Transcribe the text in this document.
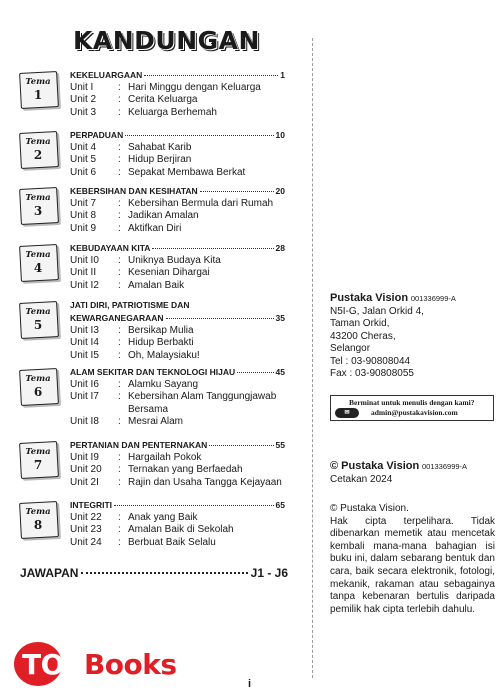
KANDUNGAN
Tema
1
KEKELUARGAAN	1
Unit I	: Hari Minggu dengan Keluarga
Unit 2	: Cerita Keluarga
Unit 3	: Keluarga Berhemah
Tema
2
PERPADUAN	10
Unit 4	: Sahabat Karib
Unit 5	: Hidup Berjiran
Unit 6	: Sepakat Membawa Berkat
Tema
3
KEBERSIHAN DAN KESIHATAN	20
Unit 7	: Kebersihan Bermula dari Rumah
Unit 8	: Jadikan Amalan
Unit 9	: Aktifkan Diri
Tema
4
KEBUDAYAAN KITA	28
Unit I0	: Uniknya Budaya Kita
Unit II	: Kesenian Dihargai
Unit I2	: Amalan Baik
Tema
5
JATI DIRI, PATRIOTISME DAN
KEWARGANEGARAAN	35
Unit I3	: Bersikap Mulia
Unit I4	: Hidup Berbakti
Unit I5	: Oh, Malaysiaku!
Tema
6
ALAM SEKITAR DAN TEKNOLOGI HIJAU	45
Unit I6	: Alamku Sayang
Unit I7	: Kebersihan Alam Tanggungjawab Bersama
Unit I8	: Mesrai Alam
Tema
7
PERTANIAN DAN PENTERNAKAN	55
Unit I9	: Hargailah Pokok
Unit 20	: Ternakan yang Berfaedah
Unit 2I	: Rajin dan Usaha Tangga Kejayaan
Tema
8
INTEGRITI	65
Unit 22	: Anak yang Baik
Unit 23	: Amalan Baik di Sekolah
Unit 24	: Berbuat Baik Selalu
JAWAPAN	J1 - J6
Pustaka Vision 001336999-A
N5I-G, Jalan Orkid 4,
Taman Orkid,
43200 Cheras,
Selangor
Tel : 03-90808044
Fax : 03-90808055
Berminat untuk menulis dengan kami?
✉	admin@pustakavision.com
© Pustaka Vision 001336999-A
Cetakan 2024
© Pustaka Vision.
Hak cipta terpelihara. Tidak dibenarkan memetik atau mencetak kembali mana-mana bahagian isi buku ini, dalam sebarang bentuk dan cara, baik secara elektronik, fotologi, mekanik, rakaman atau sebagainya tanpa kebenaran bertulis daripada pemilik hak cipta terlebih dahulu.
TOPBooks
i
